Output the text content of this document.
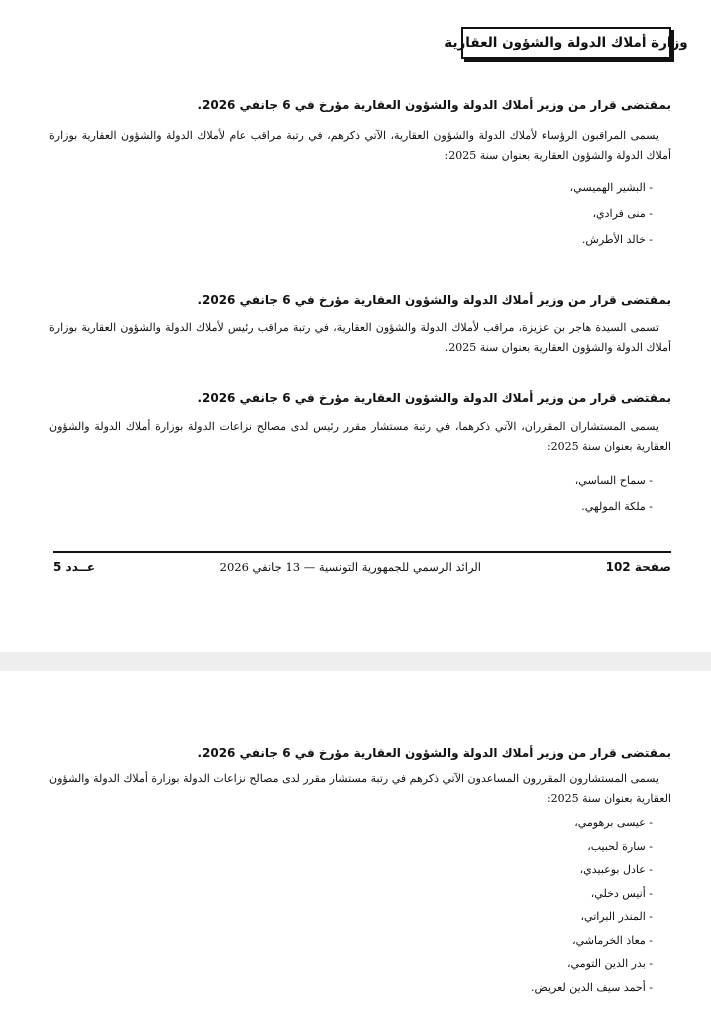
وزارة أملاك الدولة والشؤون العقارية
بمقتضى قرار من وزير أملاك الدولة والشؤون العقارية مؤرخ في 6 جانفي 2026.
يسمى المراقبون الرؤساء لأملاك الدولة والشؤون العقارية، الآتي ذكرهم، في رتبة مراقب عام لأملاك الدولة والشؤون العقارية بوزارة أملاك الدولة والشؤون العقارية بعنوان سنة 2025:
- البشير الهميسي،
- منى فرادي،
- خالد الأطرش.
بمقتضى قرار من وزير أملاك الدولة والشؤون العقارية مؤرخ في 6 جانفي 2026.
تسمى السيدة هاجر بن عزيزة، مراقب لأملاك الدولة والشؤون العقارية، في رتبة مراقب رئيس لأملاك الدولة والشؤون العقارية بوزارة أملاك الدولة والشؤون العقارية بعنوان سنة 2025.
بمقتضى قرار من وزير أملاك الدولة والشؤون العقارية مؤرخ في 6 جانفي 2026.
يسمى المستشاران المقرران، الآتي ذكرهما، في رتبة مستشار مقرر رئيس لدى مصالح نزاعات الدولة بوزارة أملاك الدولة والشؤون العقارية بعنوان سنة 2025:
- سماح الساسي،
- ملكة المولهي.
صفحة 102
الرائد الرسمي للجمهورية التونسية — 13 جانفي 2026
عــدد 5
بمقتضى قرار من وزير أملاك الدولة والشؤون العقارية مؤرخ في 6 جانفي 2026.
يسمى المستشارون المقررون المساعدون الآتي ذكرهم في رتبة مستشار مقرر لدى مصالح نزاعات الدولة بوزارة أملاك الدولة والشؤون العقارية بعنوان سنة 2025:
- عيسى برهومي،
- سارة لحبيب،
- عادل بوعبيدي،
- أنيس دخلي،
- المنذر البراتي،
- معاذ الخرماشي،
- بدر الدين التومي،
- أحمد سيف الدين لعريض.
